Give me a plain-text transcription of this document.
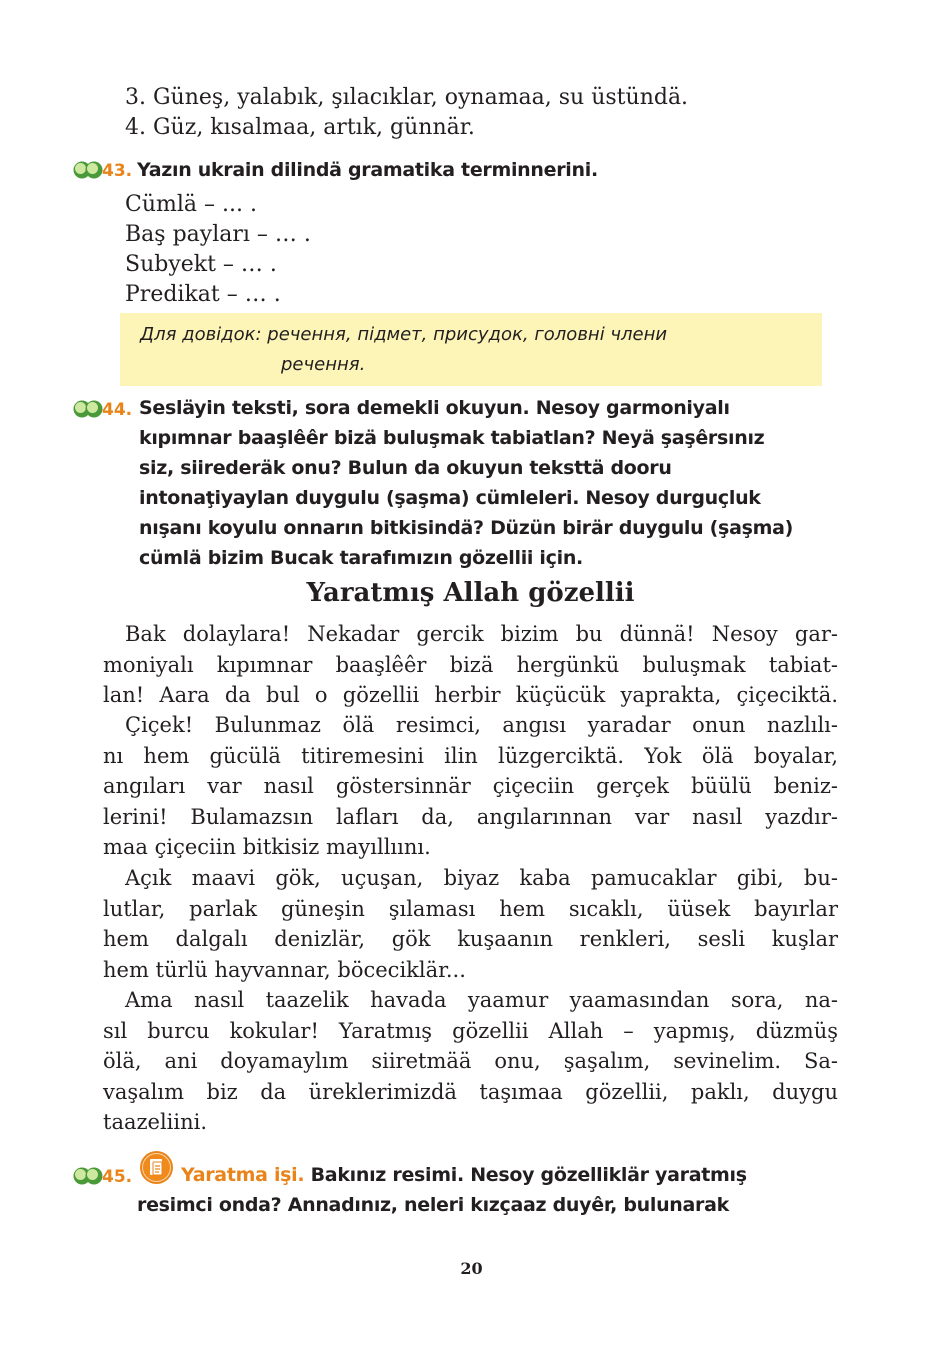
3. Güneş, yalabık, şılacıklar, oynamaa, su üstündä.
4. Güz, kısalmaa, artık, günnär.
43. Yazın ukrain dilindä gramatika terminnerini.
Cümlä – ... .
Baş payları – … .
Subyekt – … .
Predikat – … .
Для довідок: речення, підмет, присудок, головні члени
речення.
44. Sesläyin teksti, sora demekli okuyun. Nesoy garmoniyalı
kıpımnar baaşlêêr bizä buluşmak tabiatlan? Neyä şaşêrsınız
siz, siirederäk onu? Bulun da okuyun teksttä dooru
intonaţiyaylan duygulu (şaşma) cümleleri. Nesoy durguçluk
nışanı koyulu onnarın bitkisindä? Düzün birär duygulu (şaşma)
cümlä bizim Bucak tarafımızın gözellii için.
Yaratmış Allah gözellii
Bak dolaylara! Nekadar gercik bizim bu dünnä! Nesoy gar-
moniyalı kıpımnar baaşlêêr bizä hergünkü buluşmak tabiat-
lan! Aara da bul o gözellii herbir küçücük yaprakta, çiçeciktä.
Çiçek! Bulunmaz ölä resimci, angısı yaradar onun nazlılı-
nı hem gücülä titiremesini ilin lüzgerciktä. Yok ölä boyalar,
angıları var nasıl göstersinnär çiçeciin gerçek büülü beniz-
lerini! Bulamazsın lafları da, angılarınnan var nasıl yazdır-
maa çiçeciin bitkisiz mayıllıını.
Açık maavi gök, uçuşan, biyaz kaba pamucaklar gibi, bu-
lutlar, parlak güneşin şılaması hem sıcaklı, üüsek bayırlar
hem dalgalı denizlär, gök kuşaanın renkleri, sesli kuşlar
hem türlü hayvannar, böceciklär...
Ama nasıl taazelik havada yaamur yaamasından sora, na-
sıl burcu kokular! Yaratmış gözellii Allah – yapmış, düzmüş
ölä, ani doyamaylım siiretmää onu, şaşalım, sevinelim. Sa-
vaşalım biz da üreklerimizdä taşımaa gözellii, paklı, duygu
taazeliini.
45.	Yaratma işi. Bakınız resimi. Nesoy gözelliklär yaratmış
resimci onda? Annadınız, neleri kızçaaz duyêr, bulunarak
20
